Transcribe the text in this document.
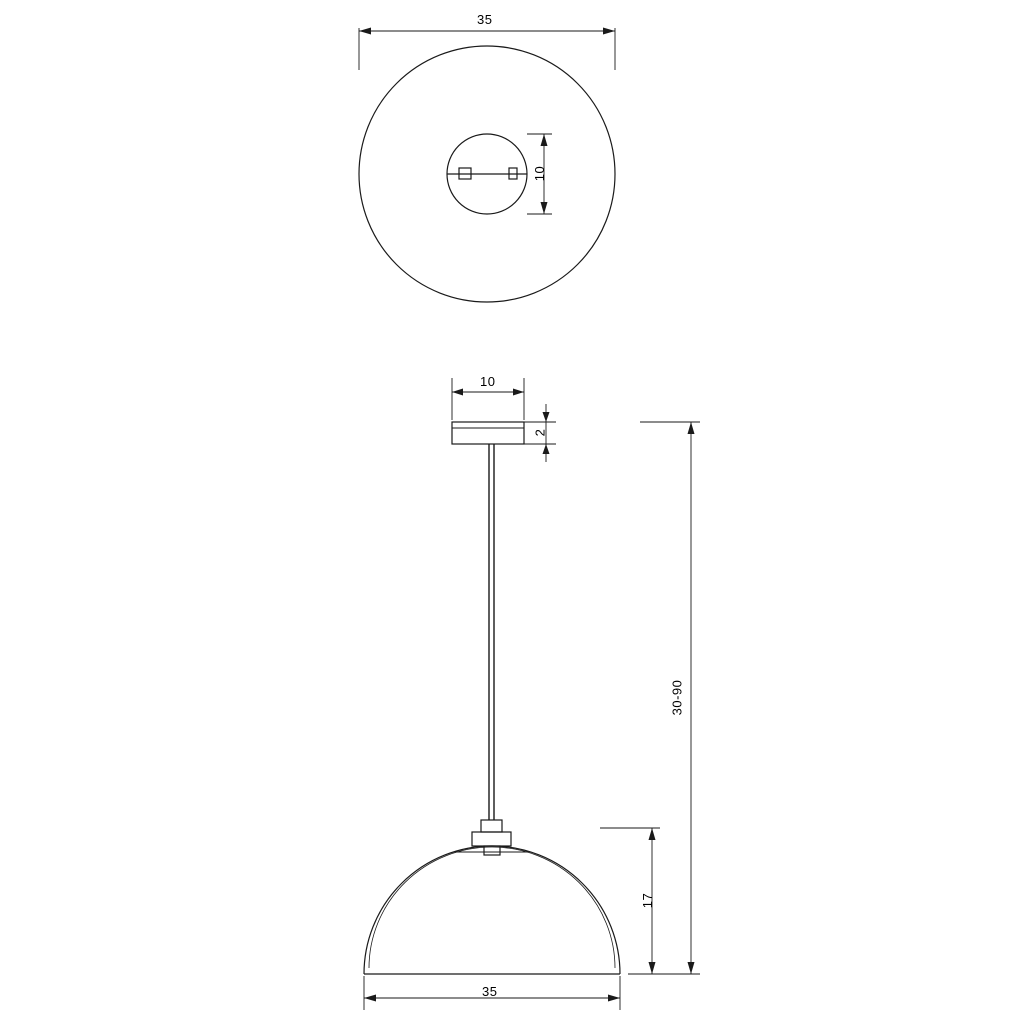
35
10
10
2
30-90
17
35
